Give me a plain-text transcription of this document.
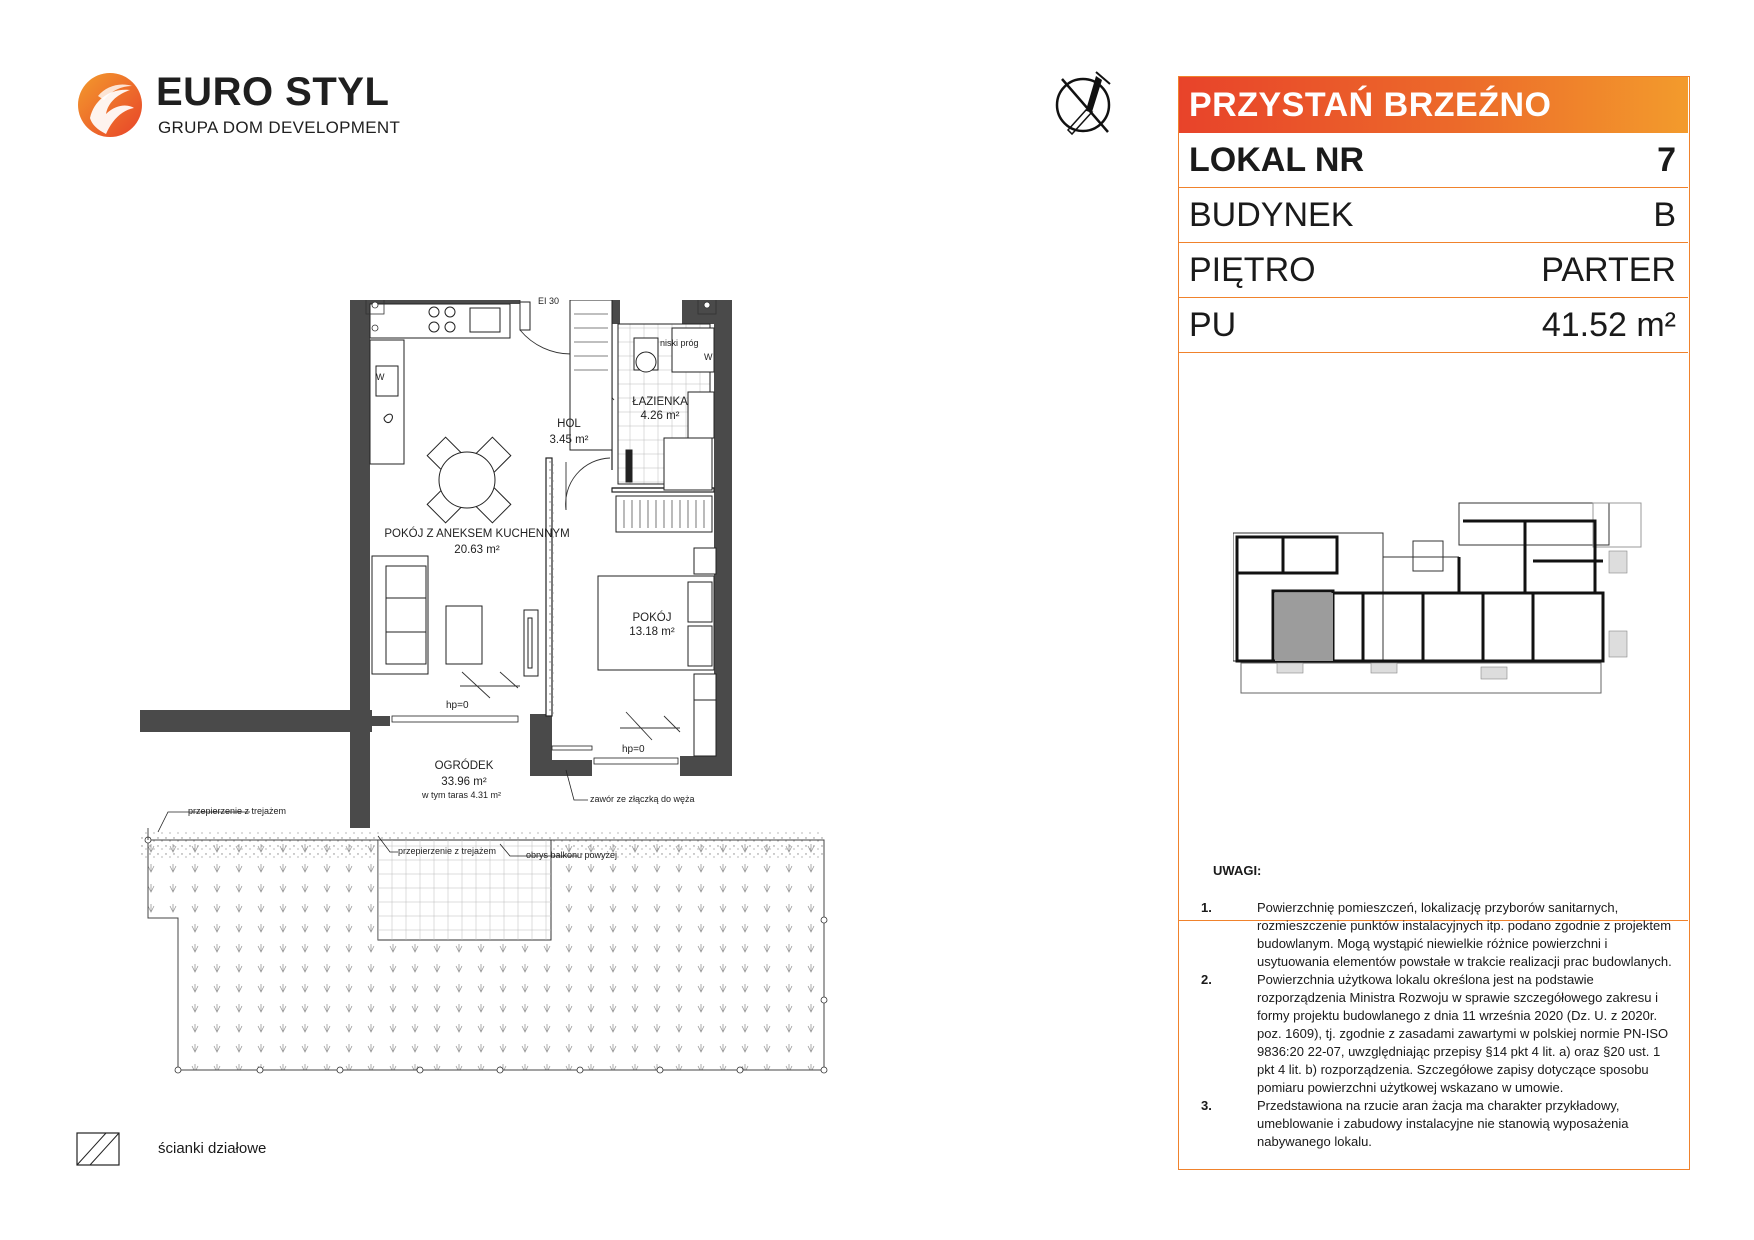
EURO STYL
GRUPA DOM DEVELOPMENT
PRZYSTAŃ BRZEŹNO
LOKAL NR	7
BUDYNEK	B
PIĘTRO	PARTER
PU	41.52 m²
UWAGI:
1.	Powierzchnię pomieszczeń, lokalizację przyborów sanitarnych, rozmieszczenie punktów instalacyjnych itp. podano zgodnie z projektem budowlanym. Mogą wystąpić niewielkie różnice powierzchni i usytuowania elementów powstałe w trakcie realizacji prac budowlanych.
2.	Powierzchnia użytkowa lokalu określona jest na podstawie rozporządzenia Ministra Rozwoju w sprawie szczegółowego zakresu i formy projektu budowlanego z dnia 11 września 2020 (Dz. U. z 2020r. poz. 1609), tj. zgodnie z zasadami zawartymi w polskiej normie PN-ISO 9836:20 22-07, uwzględniając przepisy §14 pkt 4 lit. a) oraz §20 ust. 1 pkt 4 lit. b) rozporządzenia. Szczegółowe zapisy dotyczące sposobu pomiaru powierzchni użytkowej wskazano w umowie.
3.	Przedstawiona na rzucie aran żacja ma charakter przykładowy, umeblowanie i zabudowy instalacyjne nie stanowią wyposażenia nabywanego lokalu.
POKÓJ Z ANEKSEM KUCHENNYM
20.63 m²
HOL
3.45 m²
ŁAZIENKA
4.26 m²
POKÓJ
13.18 m²
OGRÓDEK
33.96 m²
w tym taras 4.31 m²
EI 30
niski próg
hp=0
hp=0
W
W
przepierzenie z trejażem
przepierzenie z trejażem	obrys balkonu powyżej
zawór ze złączką do węża
ścianki działowe
